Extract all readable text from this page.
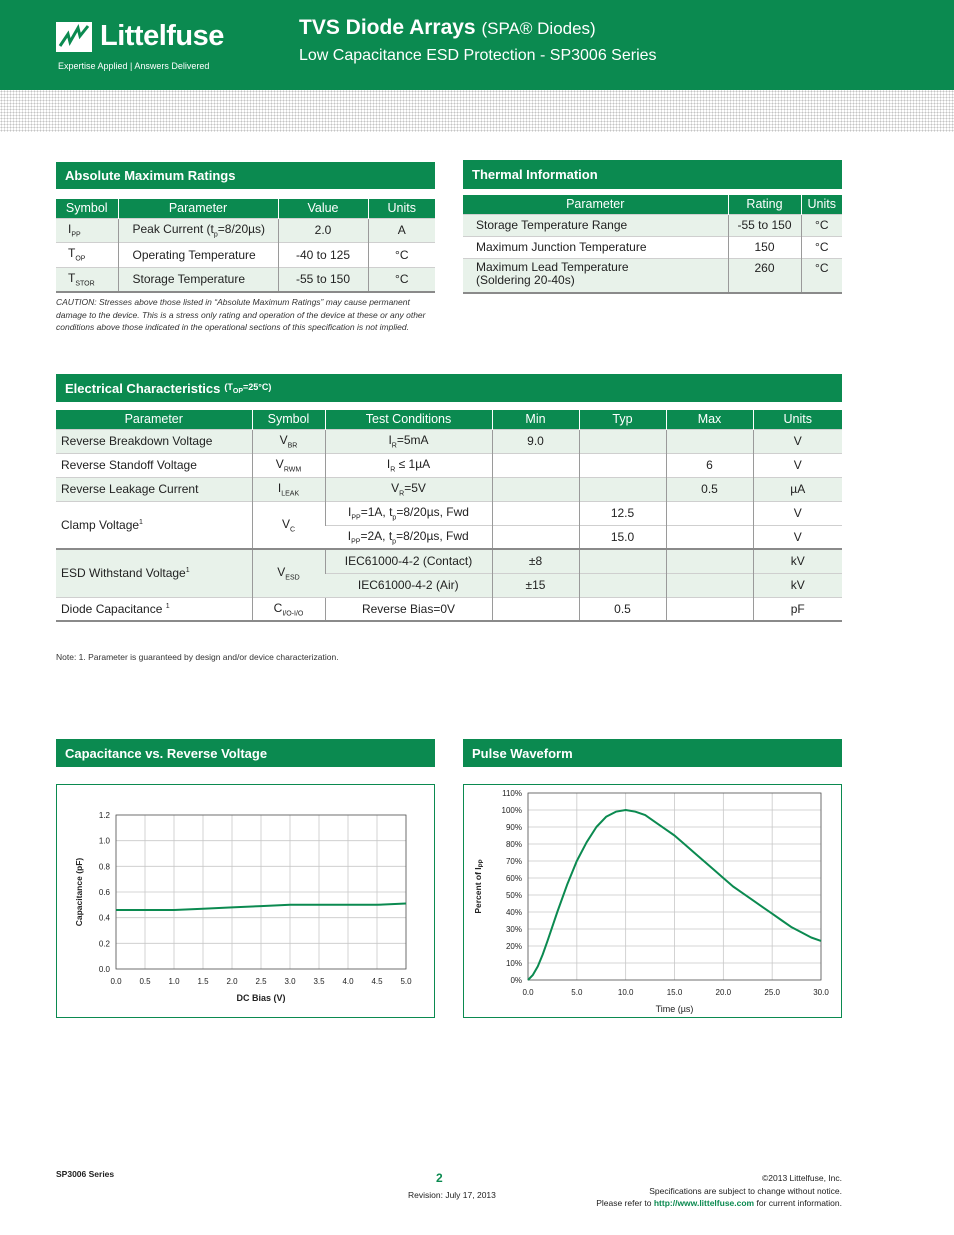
Littelfuse
Expertise Applied | Answers Delivered
TVS Diode Arrays (SPA® Diodes)
Low Capacitance ESD Protection - SP3006 Series
Absolute Maximum Ratings
Symbol	Parameter	Value	Units
$I_{PP}$	Peak Current $(t_p=8/20\mu s)$	2.0	A
$T_{OP}$	Operating Temperature	-40 to 125	°C
$T_{STOR}$	Storage Temperature	-55 to 150	°C
CAUTION: Stresses above those listed in “Absolute Maximum Ratings” may cause permanent damage to the device. This is a stress only rating and operation of the device at these or any other conditions above those indicated in the operational sections of this specification is not implied.
Thermal Information
Parameter	Rating	Units
Storage Temperature Range	-55 to 150	°C
Maximum Junction Temperature	150	°C

Maximum Lead Temperature
(Soldering 20-40s)	260	°C
Electrical Characteristics $(T_{OP}=25^\circ C)$
Parameter	Symbol	Test Conditions	Min	Typ	Max	Units
Reverse Breakdown Voltage	$V_{BR}$	$I_R=5mA$	9.0			V
Reverse Standoff Voltage	$V_{RWM}$	$I_R \le 1\mu A$			6	V
Reverse Leakage Current	$I_{LEAK}$	$V_R=5V$			0.5	µA
Clamp Voltage$^1$	$V_C$	$I_{PP}=1A$, $t_p=8/20\mu s$, Fwd		12.5		V
		$I_{PP}=2A$, $t_p=8/20\mu s$, Fwd		15.0		V
ESD Withstand Voltage$^1$	$V_{ESD}$	IEC61000-4-2 (Contact)	±8			kV
		IEC61000-4-2 (Air)	±15			kV
Diode Capacitance $^1$	$C_{I/O-I/O}$	Reverse Bias=0V		0.5		pF
Note: 1. Parameter is guaranteed by design and/or device characterization.
Capacitance vs. Reverse Voltage	Pulse Waveform
0.0 0.5 1.0 1.5 2.0 2.5 3.0 3.5 4.0 4.5 5.0
0.0
0.2
0.4
0.6
0.8
1.0
1.2
DC Bias (V)
Capacitance (pF)
0.0	5.0	10.0	15.0	20.0	25.0	30.0
0%
10%
20%
30%
40%
50%
60%
70%
80%
90%
100%
110%
Time (µs)
Percent of $I_{PP}$
SP3006 Series	2
Revision: July 17, 2013
©2013 Littelfuse, Inc.
Specifications are subject to change without notice.
Please refer to http://www.littelfuse.com for current information.
